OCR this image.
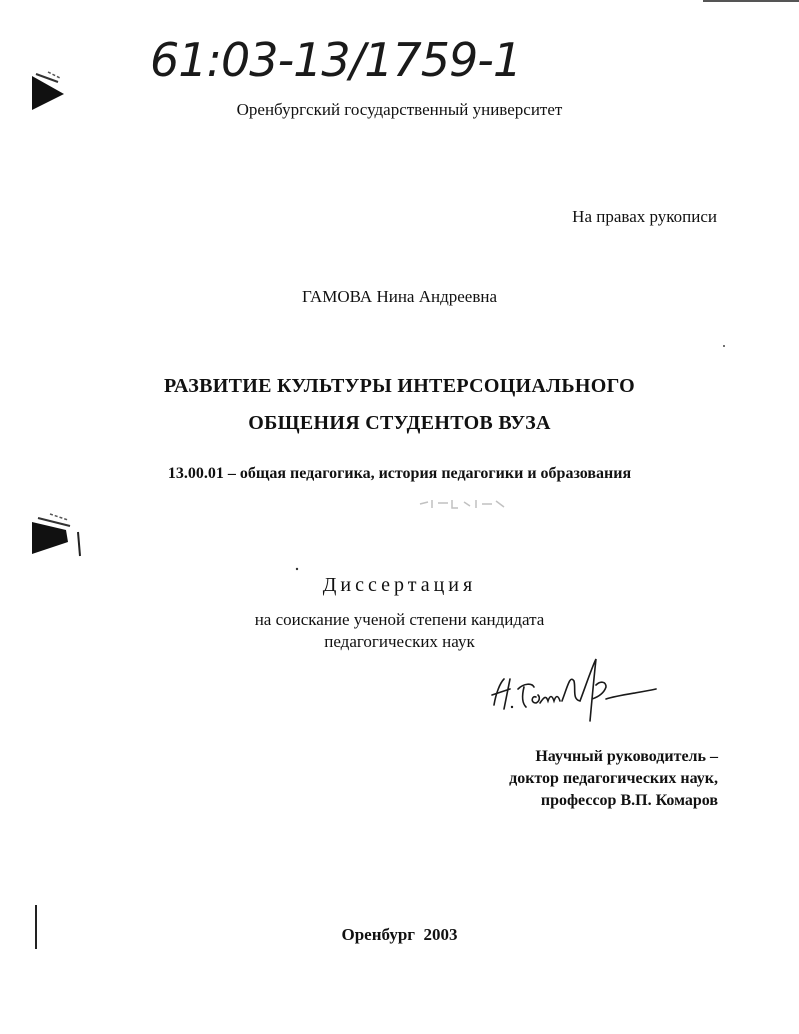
61:03-13/1759-1
Оренбургский государственный университет
На правах рукописи
ГАМОВА Нина Андреевна
РАЗВИТИЕ КУЛЬТУРЫ ИНТЕРСОЦИАЛЬНОГО
ОБЩЕНИЯ СТУДЕНТОВ ВУЗА
13.00.01 – общая педагогика, история педагогики и образования
Диссертация
на соискание ученой степени кандидата
педагогических наук
Научный руководитель –
доктор педагогических наук,
профессор В.П. Комаров
Оренбург  2003
